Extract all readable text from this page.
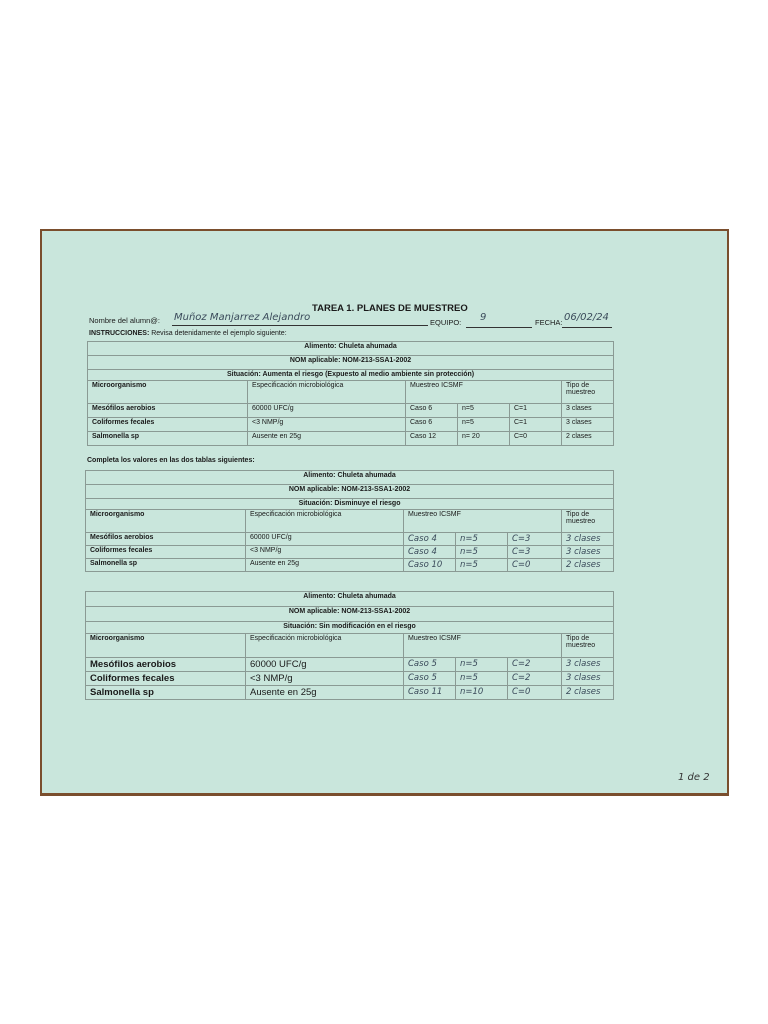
TAREA 1. PLANES DE MUESTREO
Nombre del alumn@: Muñoz Manjarrez Alejandro	EQUIPO: 9	FECHA: 06/02/24
INSTRUCCIONES: Revisa detenidamente el ejemplo siguiente:
Alimento: Chuleta ahumada					
NOM aplicable: NOM-213-SSA1-2002					
Situación: Aumenta el riesgo (Expuesto al medio ambiente sin protección)					
Microorganismo	Especificación microbiológica	Muestreo ICSMF			Tipo de
muestreo
Mesófilos aerobios	60000 UFC/g	Caso 6	n=5	C=1	3 clases
Coliformes fecales	<3 NMP/g	Caso 6	n=5	C=1	3 clases
Salmonella sp	Ausente en 25g	Caso 12	n= 20	C=0	2 clases
Completa los valores en las dos tablas siguientes:
Alimento: Chuleta ahumada					
NOM aplicable: NOM-213-SSA1-2002					
Situación: Disminuye el riesgo					
Microorganismo	Especificación microbiológica	Muestreo ICSMF			Tipo de
muestreo
Mesófilos aerobios	60000 UFC/g	Caso 4	n=5	C=3	3 clases
Coliformes fecales	<3 NMP/g	Caso 4	n=5	C=3	3 clases
Salmonella sp	Ausente en 25g	Caso 10	n=5	C=0	2 clases
Alimento: Chuleta ahumada					
NOM aplicable: NOM-213-SSA1-2002					
Situación: Sin modificación en el riesgo					
Microorganismo	Especificación microbiológica	Muestreo ICSMF			Tipo de
muestreo
Mesófilos aerobios	60000 UFC/g	Caso 5	n=5	C=2	3 clases
Coliformes fecales	<3 NMP/g	Caso 5	n=5	C=2	3 clases
Salmonella sp	Ausente en 25g	Caso 11	n=10	C=0	2 clases
1 de 2
